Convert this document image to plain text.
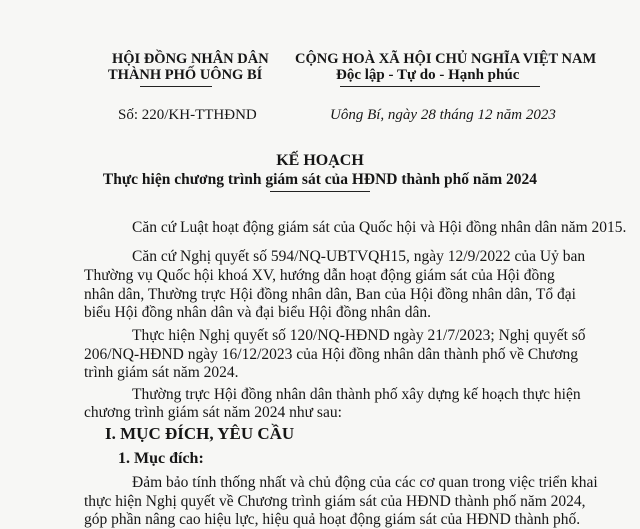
HỘI ĐỒNG NHÂN DÂN
THÀNH PHỐ UÔNG BÍ
CỘNG HOÀ XÃ HỘI CHỦ NGHĨA VIỆT NAM
Độc lập - Tự do - Hạnh phúc
Số: 220/KH-TTHĐND	Uông Bí, ngày 28 tháng 12 năm 2023
KẾ HOẠCH
Thực hiện chương trình giám sát của HĐND thành phố năm 2024
Căn cứ Luật hoạt động giám sát của Quốc hội và Hội đồng nhân dân năm 2015.
Căn cứ Nghị quyết số 594/NQ-UBTVQH15, ngày 12/9/2022 của Uỷ ban
Thường vụ Quốc hội khoá XV, hướng dẫn hoạt động giám sát của Hội đồng
nhân dân, Thường trực Hội đồng nhân dân, Ban của Hội đồng nhân dân, Tổ đại
biểu Hội đồng nhân dân và đại biểu Hội đồng nhân dân.
Thực hiện Nghị quyết số 120/NQ-HĐND ngày 21/7/2023; Nghị quyết số
206/NQ-HĐND ngày 16/12/2023 của Hội đồng nhân dân thành phố về Chương
trình giám sát năm 2024.
Thường trực Hội đồng nhân dân thành phố xây dựng kế hoạch thực hiện
chương trình giám sát năm 2024 như sau:
I. MỤC ĐÍCH, YÊU CẦU
1. Mục đích:
Đảm bảo tính thống nhất và chủ động của các cơ quan trong việc triển khai
thực hiện Nghị quyết về Chương trình giám sát của HĐND thành phố năm 2024,
góp phần nâng cao hiệu lực, hiệu quả hoạt động giám sát của HĐND thành phố.
